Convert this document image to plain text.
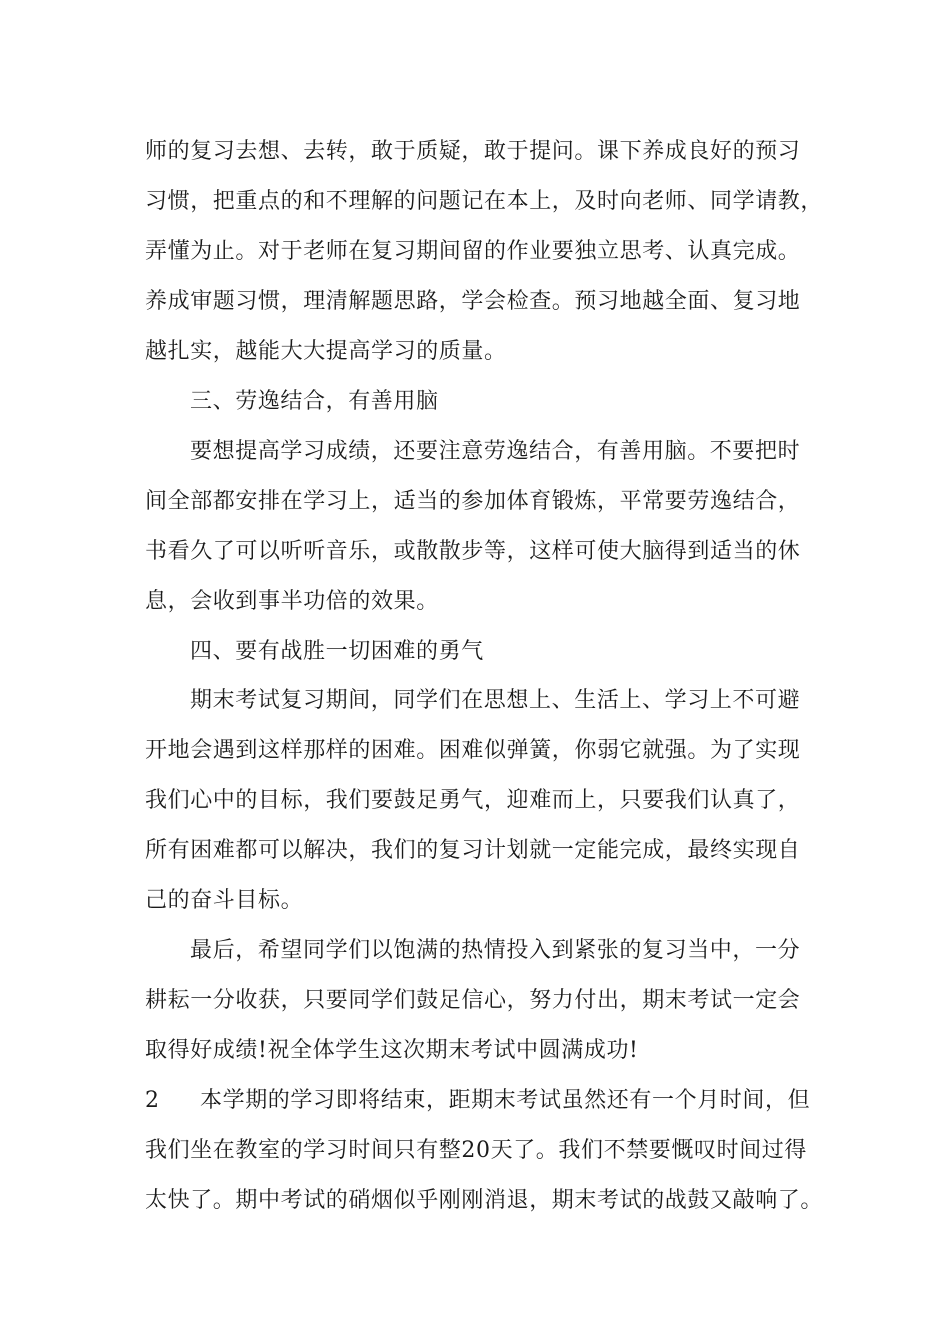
师的复习去想、去转，敢于质疑，敢于提问。课下养成良好的预习
习惯，把重点的和不理解的问题记在本上，及时向老师、同学请教，
弄懂为止。对于老师在复习期间留的作业要独立思考、认真完成。
养成审题习惯，理清解题思路，学会检查。预习地越全面、复习地
越扎实，越能大大提高学习的质量。
三、劳逸结合，有善用脑
要想提高学习成绩，还要注意劳逸结合，有善用脑。不要把时
间全部都安排在学习上，适当的参加体育锻炼，平常要劳逸结合，
书看久了可以听听音乐，或散散步等，这样可使大脑得到适当的休
息，会收到事半功倍的效果。
四、要有战胜一切困难的勇气
期末考试复习期间，同学们在思想上、生活上、学习上不可避
开地会遇到这样那样的困难。困难似弹簧，你弱它就强。为了实现
我们心中的目标，我们要鼓足勇气，迎难而上，只要我们认真了，
所有困难都可以解决，我们的复习计划就一定能完成，最终实现自
己的奋斗目标。
最后，希望同学们以饱满的热情投入到紧张的复习当中，一分
耕耘一分收获，只要同学们鼓足信心，努力付出，期末考试一定会
取得好成绩!祝全体学生这次期末考试中圆满成功!
2 本学期的学习即将结束，距期末考试虽然还有一个月时间，但
我们坐在教室的学习时间只有整20天了。我们不禁要慨叹时间过得
太快了。期中考试的硝烟似乎刚刚消退，期末考试的战鼓又敲响了。
